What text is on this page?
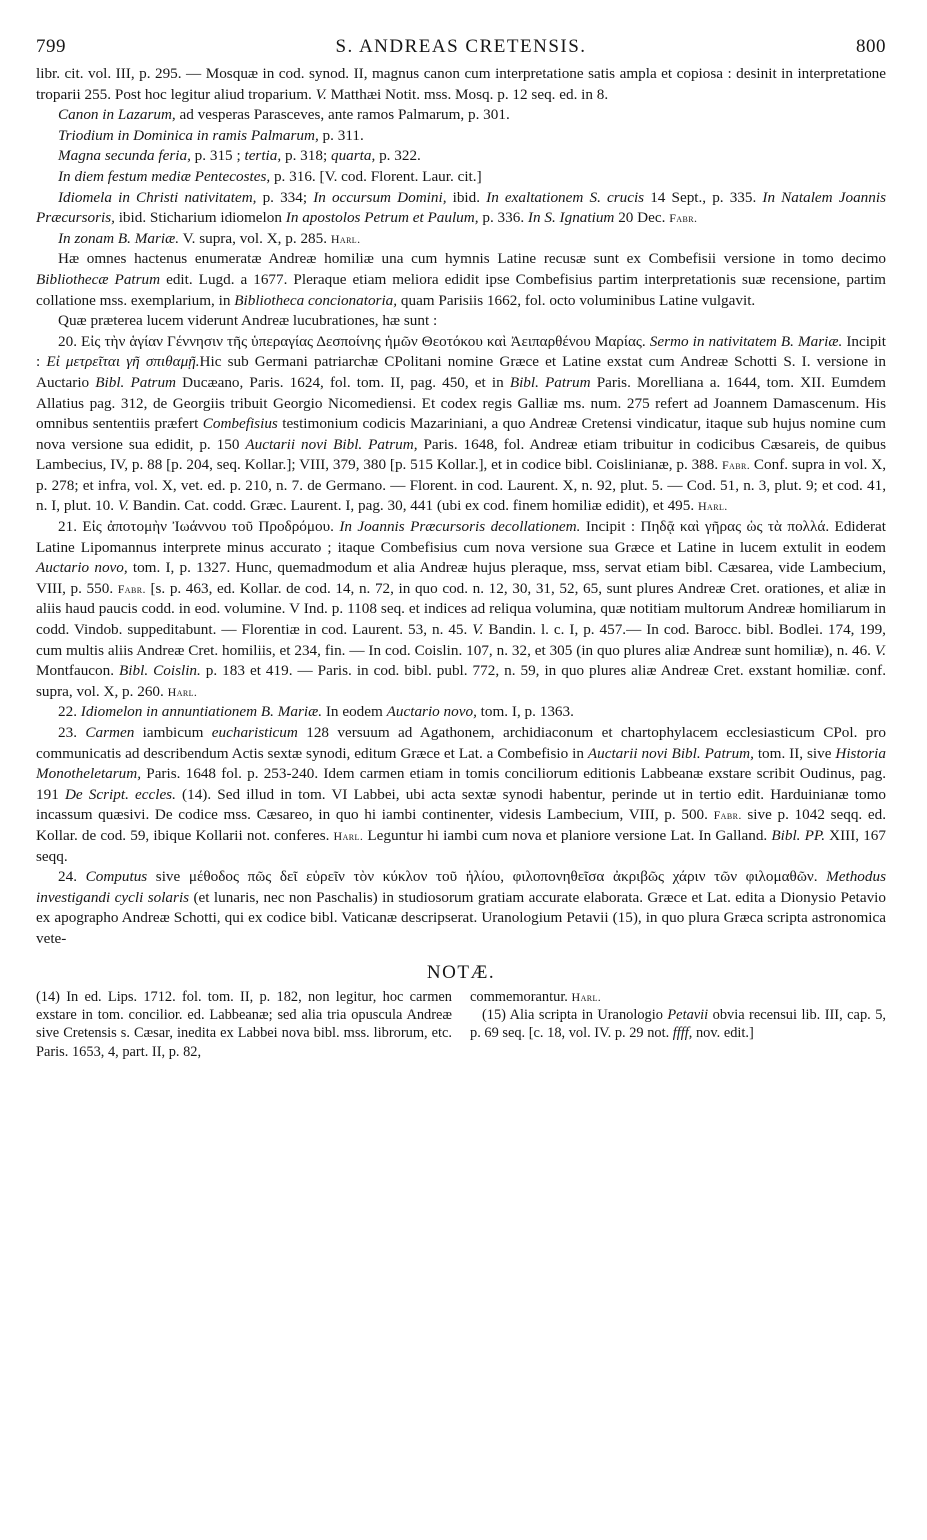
799	S. ANDREAS CRETENSIS.	800

libr. cit. vol. III, p. 295. — Mosquæ in cod. synod. II, magnus canon cum interpretatione satis ampla et copiosa : desinit in interpretatione troparii 255. Post hoc legitur aliud troparium. V. Matthæi Notit. mss. Mosq. p. 12 seq. ed. in 8.

Canon in Lazarum, ad vesperas Parasceves, ante ramos Palmarum, p. 301.

Triodium in Dominica in ramis Palmarum, p. 311.

Magna secunda feria, p. 315 ; tertia, p. 318; quarta, p. 322.

In diem festum mediæ Pentecostes, p. 316. [V. cod. Florent. Laur. cit.]

Idiomela in Christi nativitatem, p. 334; In occursum Domini, ibid. In exaltationem S. crucis 14 Sept., p. 335. In Natalem Joannis Præcursoris, ibid. Sticharium idiomelon In apostolos Petrum et Paulum, p. 336. In S. Ignatium 20 Dec. Fabr.

In zonam B. Mariæ. V. supra, vol. X, p. 285. Harl.

Hæ omnes hactenus enumeratæ Andreæ homiliæ una cum hymnis Latine recusæ sunt ex Combefisii versione in tomo decimo Bibliothecæ Patrum edit. Lugd. a 1677. Pleraque etiam meliora edidit ipse Combefisius partim interpretationis suæ recensione, partim collatione mss. exemplarium, in Bibliotheca concionatoria, quam Parisiis 1662, fol. octo voluminibus Latine vulgavit.

Quæ præterea lucem viderunt Andreæ lucubrationes, hæ sunt :

20. Εἰς τὴν ἁγίαν Γέννησιν τῆς ὑπεραγίας Δεσποίνης ἡμῶν Θεοτόκου καὶ Ἀειπαρθένου Μαρίας. Sermo in nativitatem B. Mariæ. Incipit : Εἰ μετρεῖται γῆ σπιθαμῇ.Hic sub Germani patriarchæ CPolitani nomine Græce et Latine exstat cum Andreæ Schotti S. I. versione in Auctario Bibl. Patrum Ducæano, Paris. 1624, fol. tom. II, pag. 450, et in Bibl. Patrum Paris. Morelliana a. 1644, tom. XII. Eumdem Allatius pag. 312, de Georgiis tribuit Georgio Nicomediensi. Et codex regis Galliæ ms. num. 275 refert ad Joannem Damascenum. His omnibus sententiis præfert Combefisius testimonium codicis Mazariniani, a quo Andreæ Cretensi vindicatur, itaque sub hujus nomine cum nova versione sua edidit, p. 150 Auctarii novi Bibl. Patrum, Paris. 1648, fol. Andreæ etiam tribuitur in codicibus Cæsareis, de quibus Lambecius, IV, p. 88 [p. 204, seq. Kollar.]; VIII, 379, 380 [p. 515 Kollar.], et in codice bibl. Coislinianæ, p. 388. Fabr. Conf. supra in vol. X, p. 278; et infra, vol. X, vet. ed. p. 210, n. 7. de Germano. — Florent. in cod. Laurent. X, n. 92, plut. 5. — Cod. 51, n. 3, plut. 9; et cod. 41, n. I, plut. 10. V. Bandin. Cat. codd. Græc. Laurent. I, pag. 30, 441 (ubi ex cod. finem homiliæ edidit), et 495. Harl.

21. Εἰς ἀποτομὴν Ἰωάννου τοῦ Προδρόμου. In Joannis Præcursoris decollationem. Incipit : Πηδᾷ καὶ γῆρας ὡς τὰ πολλά. Ediderat Latine Lipomannus interprete minus accurato ; itaque Combefisius cum nova versione sua Græce et Latine in lucem extulit in eodem Auctario novo, tom. I, p. 1327. Hunc, quemadmodum et alia Andreæ hujus pleraque, mss, servat etiam bibl. Cæsarea, vide Lambecium, VIII, p. 550. Fabr. [s. p. 463, ed. Kollar. de cod. 14, n. 72, in quo cod. n. 12, 30, 31, 52, 65, sunt plures Andreæ Cret. orationes, et aliæ in aliis haud paucis codd. in eod. volumine. V Ind. p. 1108 seq. et indices ad reliqua volumina, quæ notitiam multorum Andreæ homiliarum in codd. Vindob. suppeditabunt. — Florentiæ in cod. Laurent. 53, n. 45. V. Bandin. l. c. I, p. 457.— In cod. Barocc. bibl. Bodlei. 174, 199, cum multis aliis Andreæ Cret. homiliis, et 234, fin. — In cod. Coislin. 107, n. 32, et 305 (in quo plures aliæ Andreæ sunt homiliæ), n. 46. V. Montfaucon. Bibl. Coislin. p. 183 et 419. — Paris. in cod. bibl. publ. 772, n. 59, in quo plures aliæ Andreæ Cret. exstant homiliæ. conf. supra, vol. X, p. 260. Harl.

22. Idiomelon in annuntiationem B. Mariæ. In eodem Auctario novo, tom. I, p. 1363.

23. Carmen iambicum eucharisticum 128 versuum ad Agathonem, archidiaconum et chartophylacem ecclesiasticum CPol. pro communicatis ad describendum Actis sextæ synodi, editum Græce et Lat. a Combefisio in Auctarii novi Bibl. Patrum, tom. II, sive Historia Monotheletarum, Paris. 1648 fol. p. 253-240. Idem carmen etiam in tomis conciliorum editionis Labbeanæ exstare scribit Oudinus, pag. 191 De Script. eccles. (14). Sed illud in tom. VI Labbei, ubi acta sextæ synodi habentur, perinde ut in tertio edit. Harduinianæ tomo incassum quæsivi. De codice mss. Cæsareo, in quo hi iambi continenter, videsis Lambecium, VIII, p. 500. Fabr. sive p. 1042 seqq. ed. Kollar. de cod. 59, ibique Kollarii not. conferes. Harl. Leguntur hi iambi cum nova et planiore versione Lat. In Galland. Bibl. PP. XIII, 167 seqq.

24. Computus sive μέθοδος πῶς δεῖ εὑρεῖν τὸν κύκλον τοῦ ἡλίου, φιλοπονηθεῖσα ἀκριβῶς χάριν τῶν φιλομαθῶν. Methodus investigandi cycli solaris (et lunaris, nec non Paschalis) in studiosorum gratiam accurate elaborata. Græce et Lat. edita a Dionysio Petavio ex apographo Andreæ Schotti, qui ex codice bibl. Vaticanæ descripserat. Uranologium Petavii (15), in quo plura Græca scripta astronomica vete-

NOTÆ.

(14) In ed. Lips. 1712. fol. tom. II, p. 182, non legitur, hoc carmen exstare in tom. concilior. ed. Labbeanæ; sed alia tria opuscula Andreæ sive Cretensis s. Cæsar, inedita ex Labbei nova bibl. mss. librorum, etc. Paris. 1653, 4, part. II, p. 82,

commemorantur. Harl.

(15) Alia scripta in Uranologio Petavii obvia recensui lib. III, cap. 5, p. 69 seq. [c. 18, vol. IV. p. 29 not. ffff, nov. edit.]
